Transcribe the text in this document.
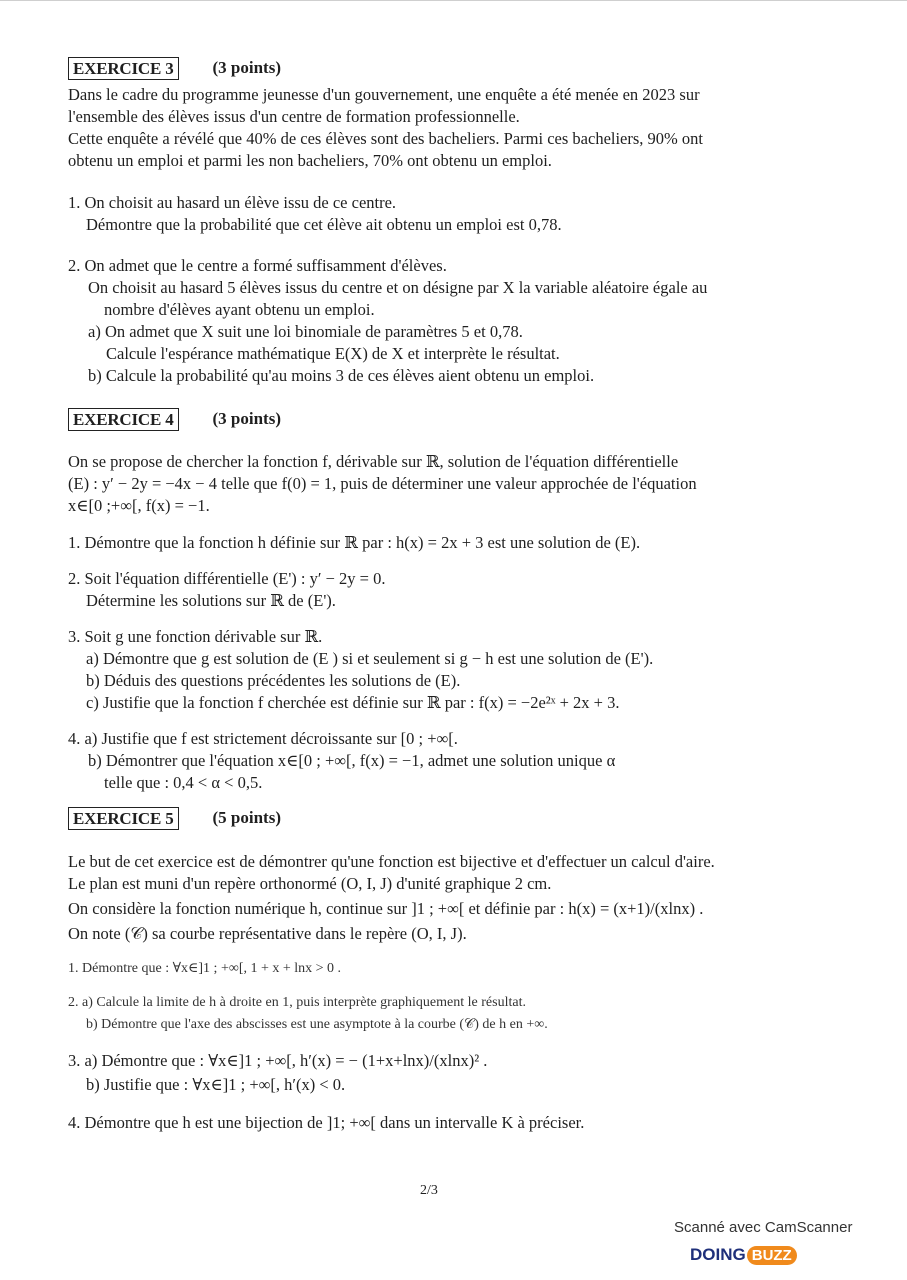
EXERCICE 3 (3 points)

Dans le cadre du programme jeunesse d'un gouvernement, une enquête a été menée en 2023 sur

l'ensemble des élèves issus d'un centre de formation professionnelle.

Cette enquête a révélé que 40% de ces élèves sont des bacheliers. Parmi ces bacheliers, 90% ont

obtenu un emploi et parmi les non bacheliers, 70% ont obtenu un emploi.

1. On choisit au hasard un élève issu de ce centre.

Démontre que la probabilité que cet élève ait obtenu un emploi est 0,78.

2. On admet que le centre a formé suffisamment d'élèves.

On choisit au hasard 5 élèves issus du centre et on désigne par X la variable aléatoire égale au

nombre d'élèves ayant obtenu un emploi.

a) On admet que X suit une loi binomiale de paramètres 5 et 0,78.

Calcule l'espérance mathématique E(X) de X et interprète le résultat.

b) Calcule la probabilité qu'au moins 3 de ces élèves aient obtenu un emploi.

EXERCICE 4 (3 points)

On se propose de chercher la fonction f, dérivable sur ℝ, solution de l'équation différentielle

(E) : y′ − 2y = −4x − 4 telle que f(0) = 1, puis de déterminer une valeur approchée de l'équation

x∈[0 ;+∞[, f(x) = −1.

1. Démontre que la fonction h définie sur ℝ par : h(x) = 2x + 3 est une solution de (E).

2. Soit l'équation différentielle (E') : y′ − 2y = 0.

Détermine les solutions sur ℝ de (E').

3. Soit g une fonction dérivable sur ℝ.

a) Démontre que g est solution de (E ) si et seulement si g − h est une solution de (E').

b) Déduis des questions précédentes les solutions de (E).

c) Justifie que la fonction f cherchée est définie sur ℝ par : f(x) = −2e²ˣ + 2x + 3.

4. a) Justifie que f est strictement décroissante sur [0 ; +∞[.

b) Démontrer que l'équation x∈[0 ; +∞[, f(x) = −1, admet une solution unique α

telle que : 0,4 < α < 0,5.

EXERCICE 5 (5 points)

Le but de cet exercice est de démontrer qu'une fonction est bijective et d'effectuer un calcul d'aire.

Le plan est muni d'un repère orthonormé (O, I, J) d'unité graphique 2 cm.

On considère la fonction numérique h, continue sur ]1 ; +∞[ et définie par : h(x) = (x+1)/(xlnx) .

On note (𝒞) sa courbe représentative dans le repère (O, I, J).

1. Démontre que : ∀x∈]1 ; +∞[, 1 + x + lnx > 0 .

2. a) Calcule la limite de h à droite en 1, puis interprète graphiquement le résultat.

b) Démontre que l'axe des abscisses est une asymptote à la courbe (𝒞) de h en +∞.

3. a) Démontre que : ∀x∈]1 ; +∞[, h′(x) = − (1+x+lnx)/(xlnx)² .

b) Justifie que : ∀x∈]1 ; +∞[, h′(x) < 0.

4. Démontre que h est une bijection de ]1; +∞[ dans un intervalle K à préciser.

2/3
Scanné avec CamScanner
DOING BUZZ
